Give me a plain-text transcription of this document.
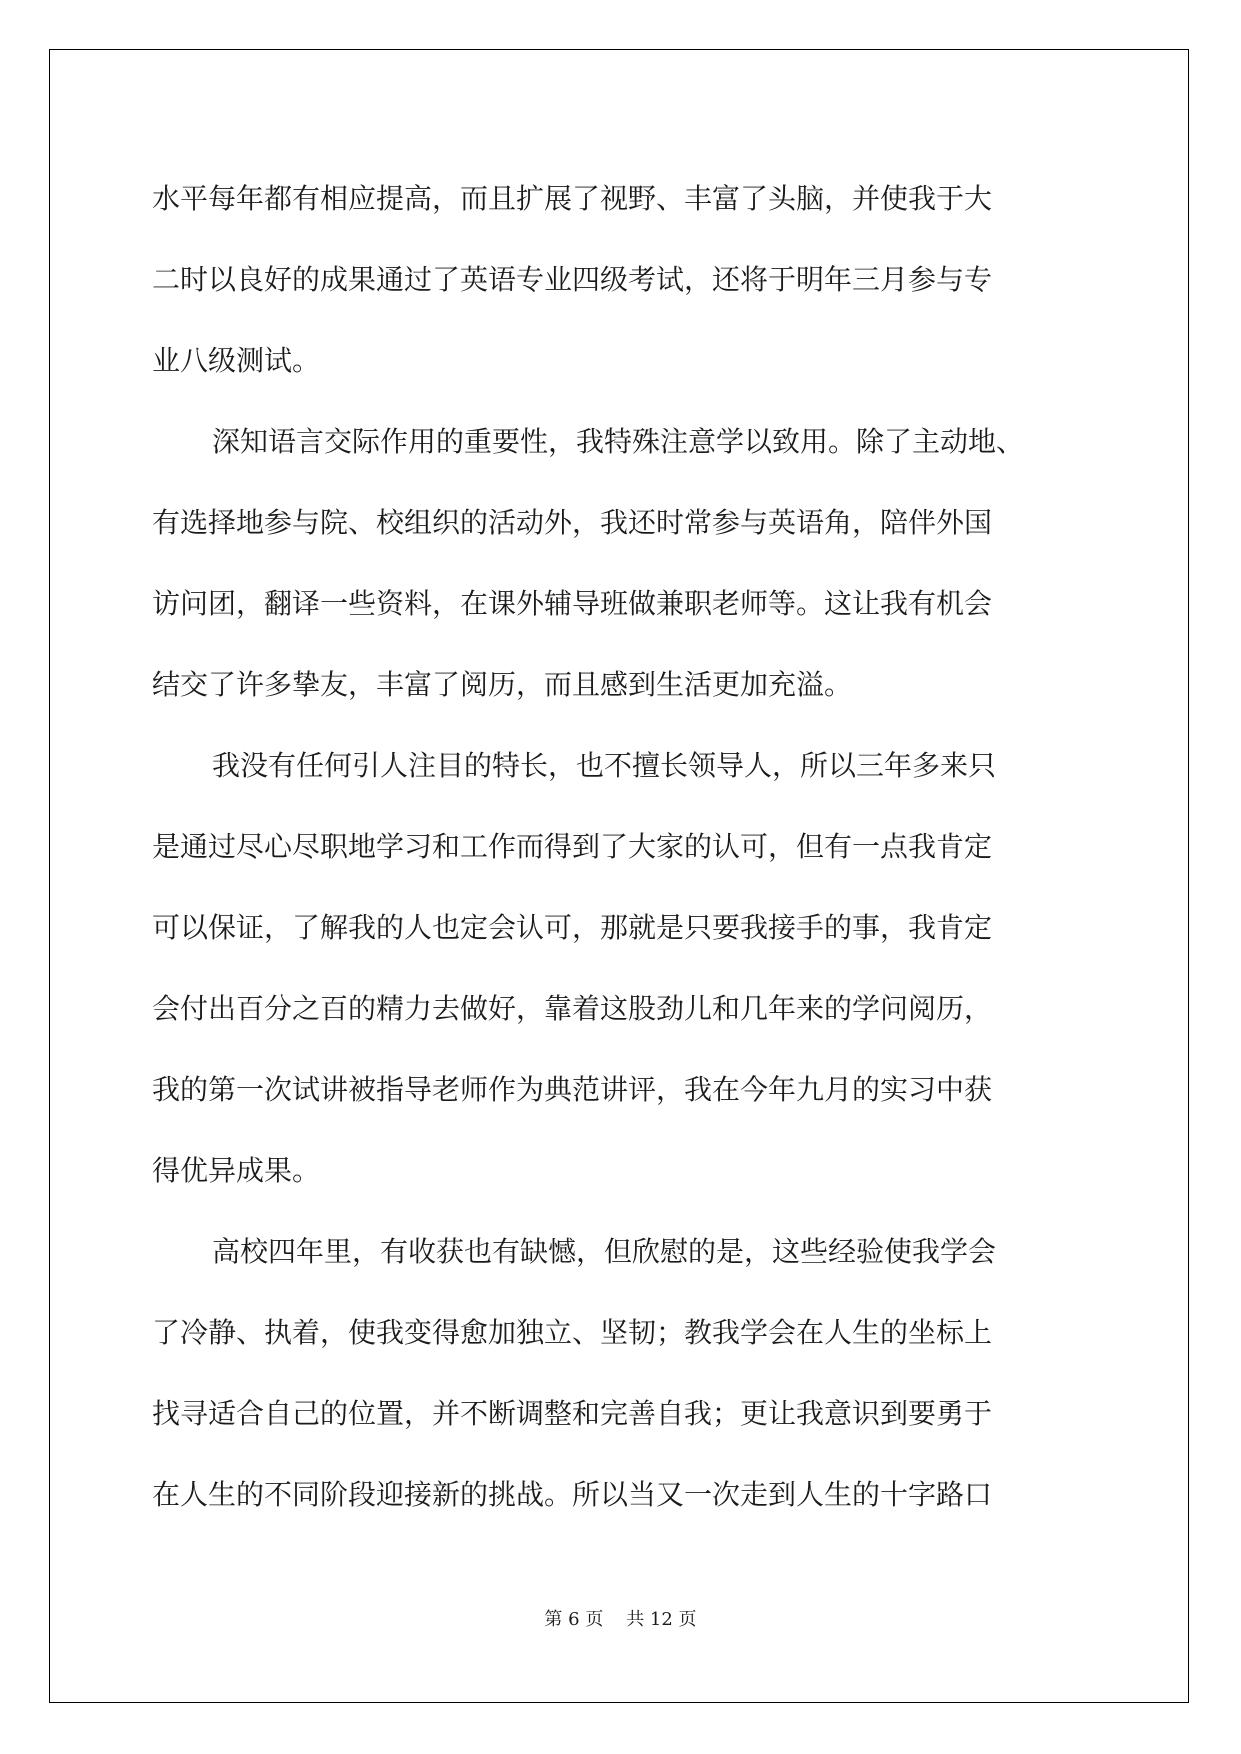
水平每年都有相应提高，而且扩展了视野、丰富了头脑，并使我于大

二时以良好的成果通过了英语专业四级考试，还将于明年三月参与专

业八级测试。

深知语言交际作用的重要性，我特殊注意学以致用。除了主动地、

有选择地参与院、校组织的活动外，我还时常参与英语角，陪伴外国

访问团，翻译一些资料，在课外辅导班做兼职老师等。这让我有机会

结交了许多挚友，丰富了阅历，而且感到生活更加充溢。

我没有任何引人注目的特长，也不擅长领导人，所以三年多来只

是通过尽心尽职地学习和工作而得到了大家的认可，但有一点我肯定

可以保证，了解我的人也定会认可，那就是只要我接手的事，我肯定

会付出百分之百的精力去做好，靠着这股劲儿和几年来的学问阅历，

我的第一次试讲被指导老师作为典范讲评，我在今年九月的实习中获

得优异成果。

高校四年里，有收获也有缺憾，但欣慰的是，这些经验使我学会

了冷静、执着，使我变得愈加独立、坚韧；教我学会在人生的坐标上

找寻适合自己的位置，并不断调整和完善自我；更让我意识到要勇于

在人生的不同阶段迎接新的挑战。所以当又一次走到人生的十字路口

第 6 页    共 12 页
